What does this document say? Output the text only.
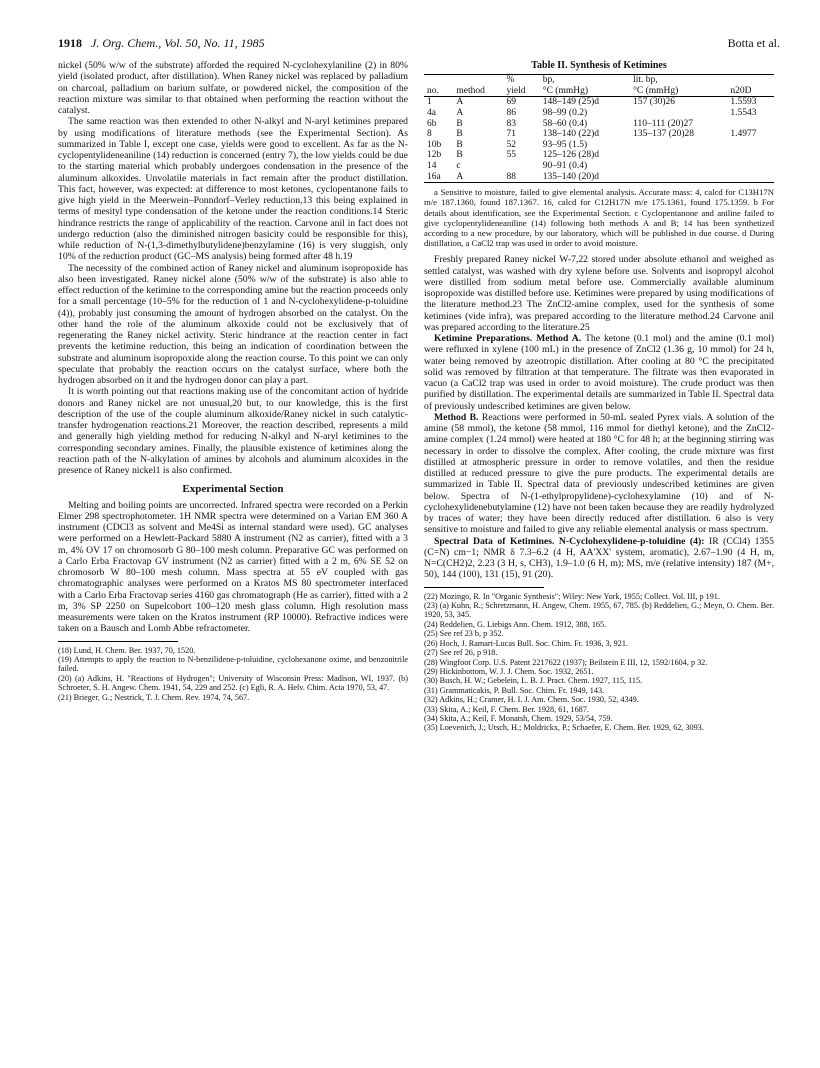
1918 J. Org. Chem., Vol. 50, No. 11, 1985	Botta et al.

nickel (50% w/w of the substrate) afforded the required N-cyclohexylaniline (2) in 80% yield (isolated product, after distillation). When Raney nickel was replaced by palladium on charcoal, palladium on barium sulfate, or powdered nickel, the composition of the reaction mixture was similar to that obtained when performing the reaction without the catalyst.

The same reaction was then extended to other N-alkyl and N-aryl ketimines prepared by using modifications of literature methods (see the Experimental Section). As summarized in Table I, except one case, yields were good to excellent. As far as the N-cyclopentylideneaniline (14) reduction is concerned (entry 7), the low yields could be due to the starting material which probably undergoes condensation in the presence of the aluminum alkoxides. Unvolatile materials in fact remain after the product distillation. This fact, however, was expected: at difference to most ketones, cyclopentanone fails to give high yield in the Meerwein–Ponndorf–Verley reduction,13 this being explained in terms of mesityl type condensation of the ketone under the reaction conditions.14 Steric hindrance restricts the range of applicability of the reaction. Carvone anil in fact does not undergo reduction (also the diminished nitrogen basicity could be responsible for this), while reduction of N-(1,3-dimethylbutylidene)benzylamine (16) is very sluggish, only 10% of the reduction product (GC–MS analysis) being formed after 48 h.19

The necessity of the combined action of Raney nickel and aluminum isopropoxide has also been investigated. Raney nickel alone (50% w/w of the substrate) is also able to effect reduction of the ketimine to the corresponding amine but the reaction proceeds only for a small percentage (10–5% for the reduction of 1 and N-cyclohexylidene-p-toluidine (4)), probably just consuming the amount of hydrogen absorbed on the catalyst. On the other hand the role of the aluminum alkoxide could not be exclusively that of regenerating the Raney nickel activity. Steric hindrance at the reaction center in fact prevents the ketimine reduction, this being an indication of coordination between the substrate and aluminum isopropoxide along the reaction course. To this point we can only speculate that probably the reaction occurs on the catalyst surface, where both the hydrogen absorbed on it and the hydrogen donor can play a part.

It is worth pointing out that reactions making use of the concomitant action of hydride donors and Raney nickel are not unusual,20 but, to our knowledge, this is the first description of the use of the couple aluminum alkoxide/Raney nickel in such catalytic-transfer hydrogenation reactions.21 Moreover, the reaction described, represents a mild and generally high yielding method for reducing N-alkyl and N-aryl ketimines to the corresponding secondary amines. Finally, the plausible existence of ketimines along the reaction path of the N-alkylation of amines by alcohols and aluminum alcoxides in the presence of Raney nickel1 is also confirmed.

Experimental Section

Melting and boiling points are uncorrected. Infrared spectra were recorded on a Perkin Elmer 298 spectrophotometer. 1H NMR spectra were determined on a Varian EM 360 A instrument (CDCl3 as solvent and Me4Si as internal standard were used). GC analyses were performed on a Hewlett-Packard 5880 A instrument (N2 as carrier), fitted with a 3 m, 4% OV 17 on chromosorb G 80–100 mesh column. Preparative GC was performed on a Carlo Erba Fractovap GV instrument (N2 as carrier) fitted with a 2 m, 6% SE 52 on chromosorb W 80–100 mesh column. Mass spectra at 55 eV coupled with gas chromatographic analyses were performed on a Kratos MS 80 spectrometer interfaced with a Carlo Erba Fractovap series 4160 gas chromatograph (He as carrier), fitted with a 2 m, 3% SP 2250 on Supelcobort 100–120 mesh glass column. High resolution mass measurements were taken on the Kratos instrument (RP 10000). Refractive indices were taken on a Bausch and Lomb Abbe refractometer.

(18) Lund, H. Chem. Ber. 1937, 70, 1520.
(19) Attempts to apply the reaction to N-benzilidene-p-toluidine, cyclohexanone oxime, and benzonitrile failed.
(20) (a) Adkins, H. "Reactions of Hydrogen"; University of Wisconsin Press: Madison, WI, 1937. (b) Schroeter, S. H. Angew. Chem. 1941, 54, 229 and 252. (c) Egli, R. A. Helv. Chim. Acta 1970, 53, 47.
(21) Brieger, G.; Nestrick, T. J. Chem. Rev. 1974, 74, 567.
Table II. Synthesis of Ketimines
		%	bp,	lit. bp,	
no.	method	yield	°C (mmHg)	°C (mmHg)	n20D
1	A	69	148–149 (25)d	157 (30)26	1.5593
4a	A	86	98–99 (0.2)		1.5543
6b	B	83	58–60 (0.4)	110–111 (20)27	
8	B	71	138–140 (22)d	135–137 (20)28	1.4977
10b	B	52	93–95 (1.5)		
12b	B	55	125–126 (28)d		
14	c		90–91 (0.4)		
16a	A	88	135–140 (20)d		

a Sensitive to moisture, failed to give elemental analysis. Accurate mass: 4, calcd for C13H17N m/e 187.1360, found 187.1367. 16, calcd for C12H17N m/e 175.1361, found 175.1359. b For details about identification, see the Experimental Section. c Cyclopentanone and aniline failed to give cyclopentylideneaniline (14) following both methods A and B; 14 has been synthetized according to a new procedure, by our laboratory, which will be published in due course. d During distillation, a CaCl2 trap was used in order to avoid moisture.

Freshly prepared Raney nickel W-7,22 stored under absolute ethanol and weighed as settled catalyst, was washed with dry xylene before use. Solvents and isopropyl alcohol were distilled from sodium metal before use. Commercially available aluminum isopropoxide was distilled before use. Ketimines were prepared by using modifications of the literature method.23 The ZnCl2-amine complex, used for the synthesis of some ketimines (vide infra), was prepared according to the literature method.24 Carvone anil was prepared according to the literature.25

Ketimine Preparations. Method A. The ketone (0.1 mol) and the amine (0.1 mol) were refluxed in xylene (100 mL) in the presence of ZnCl2 (1.36 g, 10 mmol) for 24 h, water being removed by azeotropic distillation. After cooling at 80 °C the precipitated solid was removed by filtration at that temperature. The filtrate was then evaporated in vacuo (a CaCl2 trap was used in order to avoid moisture). The crude product was then purified by distillation. The experimental details are summarized in Table II. Spectral data of previously undescribed ketimines are given below.

Method B. Reactions were performed in 50-mL sealed Pyrex vials. A solution of the amine (58 mmol), the ketone (58 mmol, 116 mmol for diethyl ketone), and the ZnCl2-amine complex (1.24 mmol) were heated at 180 °C for 48 h; at the beginning stirring was necessary in order to dissolve the complex. After cooling, the crude mixture was first distilled at atmospheric pressure in order to remove volatiles, and then the residue distilled at reduced pressure to give the pure products. The experimental details are summarized in Table II. Spectral data of previously undescribed ketimines are given below. Spectra of N-(1-ethylpropylidene)-cyclohexylamine (10) and of N-cyclohexylidenebutylamine (12) have not been taken because they are readily hydrolyzed by traces of water; they have been directly reduced after distillation. 6 also is very sensitive to moisture and failed to give any reliable elemental analysis or mass spectrum.

Spectral Data of Ketimines. N-Cyclohexylidene-p-toluidine (4): IR (CCl4) 1355 (C=N) cm−1; NMR δ 7.3–6.2 (4 H, AA'XX' system, aromatic), 2.67–1.90 (4 H, m, N=C(CH2)2, 2.23 (3 H, s, CH3), 1.9–1.0 (6 H, m); MS, m/e (relative intensity) 187 (M+, 50), 144 (100), 131 (15), 91 (20).

(22) Mozingo, R. In "Organic Synthesis"; Wiley: New York, 1955; Collect. Vol. III, p 191.
(23) (a) Kuhn, R.; Schretzmann, H. Angew, Chem. 1955, 67, 785. (b) Reddelien, G.; Meyn, O. Chem. Ber. 1920, 53, 345.
(24) Reddelien, G. Liebigs Ann. Chem. 1912, 388, 165.
(25) See ref 23 b, p 352.
(26) Hoch, J. Ramart-Lucas Bull. Soc. Chim. Fr. 1936, 3, 921.
(27) See ref 26, p 918.
(28) Wingfoot Corp. U.S. Patent 2217622 (1937); Beilstein E III, 12, 1592/1604, p 32.
(29) Hickinbottom, W. J. J. Chem. Soc. 1932, 2651.
(30) Busch, H. W.; Gebelein, L. B. J. Pract. Chem. 1927, 115, 115.
(31) Grammaticakis, P. Bull. Soc. Chim. Fr. 1949, 143.
(32) Adkins, H.; Cramer, H. I. J. Am. Chem. Soc. 1930, 52, 4349.
(33) Skita, A.; Keil, F. Chem. Ber. 1928, 61, 1687.
(34) Skita, A.; Keil, F. Monatsh, Chem. 1929, 53/54, 759.
(35) Loevenich, J.; Utsch, H.; Moldrickx, P.; Schaefer, E. Chem. Ber. 1929, 62, 3093.
